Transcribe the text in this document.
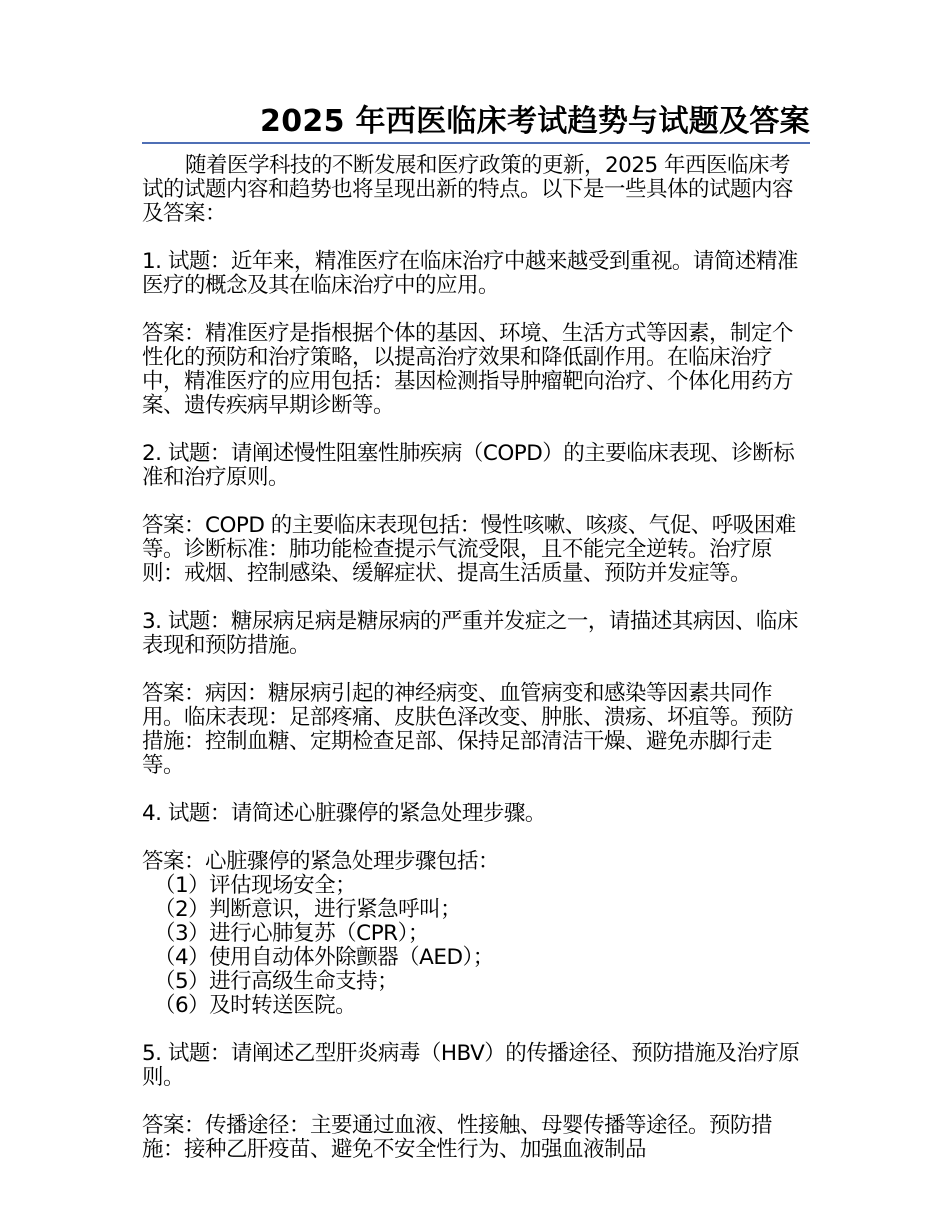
2025 年西医临床考试趋势与试题及答案

随着医学科技的不断发展和医疗政策的更新，2025 年西医临床考试的试题内容和趋势也将呈现出新的特点。以下是一些具体的试题内容及答案：

1. 试题：近年来，精准医疗在临床治疗中越来越受到重视。请简述精准医疗的概念及其在临床治疗中的应用。

答案：精准医疗是指根据个体的基因、环境、生活方式等因素，制定个性化的预防和治疗策略，以提高治疗效果和降低副作用。在临床治疗中，精准医疗的应用包括：基因检测指导肿瘤靶向治疗、个体化用药方案、遗传疾病早期诊断等。

2. 试题：请阐述慢性阻塞性肺疾病（COPD）的主要临床表现、诊断标准和治疗原则。

答案：COPD 的主要临床表现包括：慢性咳嗽、咳痰、气促、呼吸困难等。诊断标准：肺功能检查提示气流受限，且不能完全逆转。治疗原则：戒烟、控制感染、缓解症状、提高生活质量、预防并发症等。

3. 试题：糖尿病足病是糖尿病的严重并发症之一，请描述其病因、临床表现和预防措施。

答案：病因：糖尿病引起的神经病变、血管病变和感染等因素共同作用。临床表现：足部疼痛、皮肤色泽改变、肿胀、溃疡、坏疽等。预防措施：控制血糖、定期检查足部、保持足部清洁干燥、避免赤脚行走等。

4. 试题：请简述心脏骤停的紧急处理步骤。

答案：心脏骤停的紧急处理步骤包括：
（1）评估现场安全；
（2）判断意识，进行紧急呼叫；
（3）进行心肺复苏（CPR）；
（4）使用自动体外除颤器（AED）；
（5）进行高级生命支持；
（6）及时转送医院。

5. 试题：请阐述乙型肝炎病毒（HBV）的传播途径、预防措施及治疗原则。

答案：传播途径：主要通过血液、性接触、母婴传播等途径。预防措施：接种乙肝疫苗、避免不安全性行为、加强血液制品
